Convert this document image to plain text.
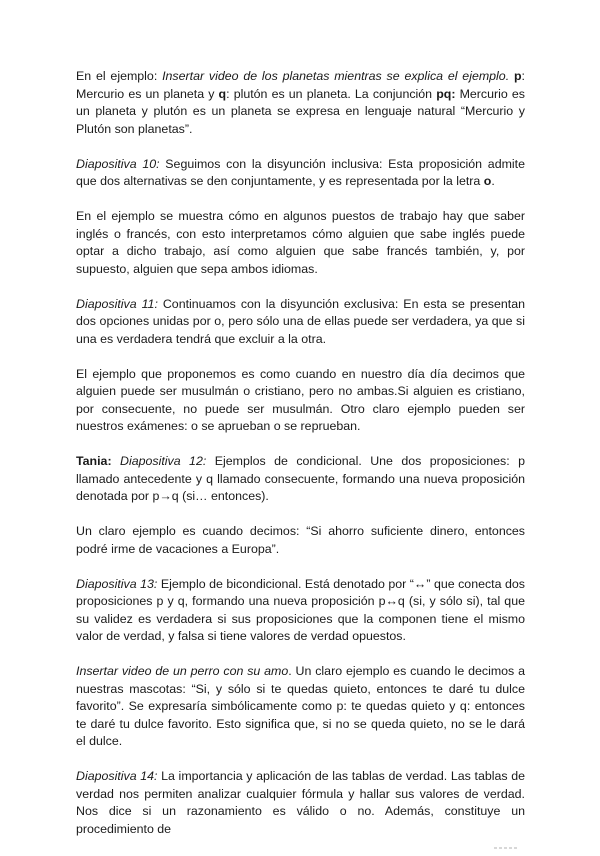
En el ejemplo: Insertar video de los planetas mientras se explica el ejemplo. p: Mercurio es un planeta y q: plutón es un planeta. La conjunción pq: Mercurio es un planeta y plutón es un planeta se expresa en lenguaje natural “Mercurio y Plutón son planetas”.

Diapositiva 10: Seguimos con la disyunción inclusiva: Esta proposición admite que dos alternativas se den conjuntamente, y es representada por la letra o.

En el ejemplo se muestra cómo en algunos puestos de trabajo hay que saber inglés o francés, con esto interpretamos cómo alguien que sabe inglés puede optar a dicho trabajo, así como alguien que sabe francés también, y, por supuesto, alguien que sepa ambos idiomas.

Diapositiva 11: Continuamos con la disyunción exclusiva: En esta se presentan dos opciones unidas por o, pero sólo una de ellas puede ser verdadera, ya que si una es verdadera tendrá que excluir a la otra.

El ejemplo que proponemos es como cuando en nuestro día día decimos que alguien puede ser musulmán o cristiano, pero no ambas.Si alguien es cristiano, por consecuente, no puede ser musulmán. Otro claro ejemplo pueden ser nuestros exámenes: o se aprueban o se reprueban.

Tania: Diapositiva 12: Ejemplos de condicional. Une dos proposiciones: p llamado antecedente y q llamado consecuente, formando una nueva proposición denotada por p→q (si… entonces).

Un claro ejemplo es cuando decimos: “Si ahorro suficiente dinero, entonces podré irme de vacaciones a Europa”.

Diapositiva 13: Ejemplo de bicondicional. Está denotado por “↔” que conecta dos proposiciones p y q, formando una nueva proposición p↔q (si, y sólo si), tal que su validez es verdadera si sus proposiciones que la componen tiene el mismo valor de verdad, y falsa si tiene valores de verdad opuestos.

Insertar video de un perro con su amo. Un claro ejemplo es cuando le decimos a nuestras mascotas: “Si, y sólo si te quedas quieto, entonces te daré tu dulce favorito”. Se expresaría simbólicamente como p: te quedas quieto y q: entonces te daré tu dulce favorito. Esto significa que, si no se queda quieto, no se le dará el dulce.

Diapositiva 14: La importancia y aplicación de las tablas de verdad. Las tablas de verdad nos permiten analizar cualquier fórmula y hallar sus valores de verdad. Nos dice si un razonamiento es válido o no. Además, constituye un procedimiento de
